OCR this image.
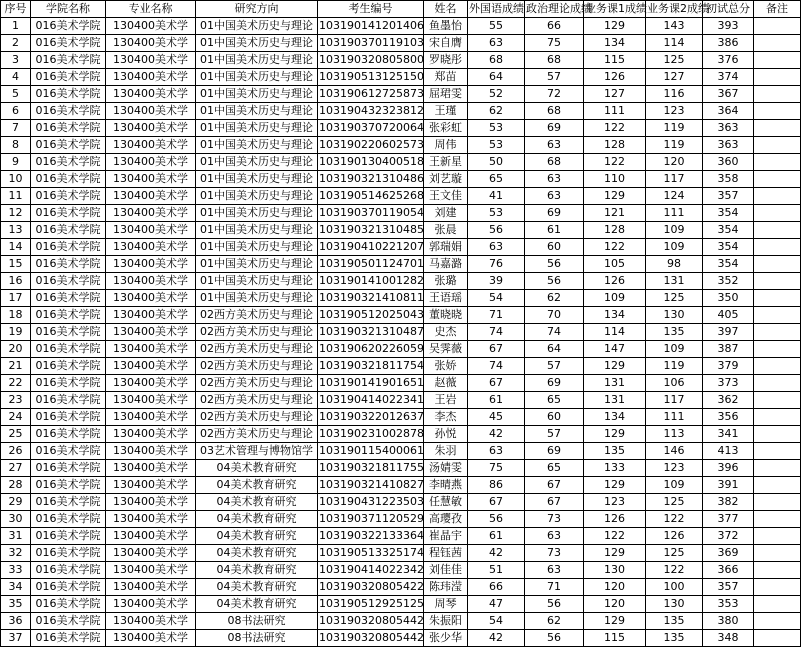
序号	学院名称	专业名称	研究方向	考生编号	姓名	外国语成绩	政治理论成绩	业务课1成绩	业务课2成绩	初试总分	备注
1	016美术学院	130400美术学	01中国美术历史与理论	103190141201406	鱼墨怡	55	66	129	143	393	
2	016美术学院	130400美术学	01中国美术历史与理论	103190370119103	宋自膺	63	75	134	114	386	
3	016美术学院	130400美术学	01中国美术历史与理论	103190320805800	罗晓彤	68	68	115	125	376	
4	016美术学院	130400美术学	01中国美术历史与理论	103190513125150	郑苗	64	57	126	127	374	
5	016美术学院	130400美术学	01中国美术历史与理论	103190612725873	屈珺雯	52	72	127	116	367	
6	016美术学院	130400美术学	01中国美术历史与理论	103190432323812	王瑾	62	68	111	123	364	
7	016美术学院	130400美术学	01中国美术历史与理论	103190370720064	张彩虹	53	69	122	119	363	
8	016美术学院	130400美术学	01中国美术历史与理论	103190220602573	周伟	53	63	128	119	363	
9	016美术学院	130400美术学	01中国美术历史与理论	103190130400518	王新星	50	68	122	120	360	
10	016美术学院	130400美术学	01中国美术历史与理论	103190321310486	刘艺璇	65	63	110	117	358	
11	016美术学院	130400美术学	01中国美术历史与理论	103190514625268	王文佳	41	63	129	124	357	
12	016美术学院	130400美术学	01中国美术历史与理论	103190370119054	刘建	53	69	121	111	354	
13	016美术学院	130400美术学	01中国美术历史与理论	103190321310485	张晨	56	61	128	109	354	
14	016美术学院	130400美术学	01中国美术历史与理论	103190410221207	郭瑞娟	63	60	122	109	354	
15	016美术学院	130400美术学	01中国美术历史与理论	103190501124701	马嘉潞	76	56	105	98	354	
16	016美术学院	130400美术学	01中国美术历史与理论	103190141001282	张璐	39	56	126	131	352	
17	016美术学院	130400美术学	01中国美术历史与理论	103190321410811	王语瑶	54	62	109	125	350	
18	016美术学院	130400美术学	02西方美术历史与理论	103190512025043	董晓晓	71	70	134	130	405	
19	016美术学院	130400美术学	02西方美术历史与理论	103190321310487	史杰	74	74	114	135	397	
20	016美术学院	130400美术学	02西方美术历史与理论	103190620226059	吴霁薇	67	64	147	109	387	
21	016美术学院	130400美术学	02西方美术历史与理论	103190321811754	张娇	74	57	129	119	379	
22	016美术学院	130400美术学	02西方美术历史与理论	103190141901651	赵薇	67	69	131	106	373	
23	016美术学院	130400美术学	02西方美术历史与理论	103190414022341	王岩	61	65	131	117	362	
24	016美术学院	130400美术学	02西方美术历史与理论	103190322012637	李杰	45	60	134	111	356	
25	016美术学院	130400美术学	02西方美术历史与理论	103190231002878	孙悦	42	57	129	113	341	
26	016美术学院	130400美术学	03艺术管理与博物馆学	103190115400061	朱羽	63	69	135	146	413	
27	016美术学院	130400美术学	04美术教育研究	103190321811755	汤婧雯	75	65	133	123	396	
28	016美术学院	130400美术学	04美术教育研究	103190321410827	李晴燕	86	67	129	109	391	
29	016美术学院	130400美术学	04美术教育研究	103190431223503	任慧敏	67	67	123	125	382	
30	016美术学院	130400美术学	04美术教育研究	103190371120529	高璎孜	56	73	126	122	377	
31	016美术学院	130400美术学	04美术教育研究	103190322133364	崔晶宇	61	63	122	126	372	
32	016美术学院	130400美术学	04美术教育研究	103190513325174	程钰茜	42	73	129	125	369	
33	016美术学院	130400美术学	04美术教育研究	103190414022342	刘佳佳	51	63	130	122	366	
34	016美术学院	130400美术学	04美术教育研究	103190320805422	陈玮滢	66	71	120	100	357	
35	016美术学院	130400美术学	04美术教育研究	103190512925125	周琴	47	56	120	130	353	
36	016美术学院	130400美术学	08书法研究	103190320805442	朱振阳	54	62	129	135	380	
37	016美术学院	130400美术学	08书法研究	103190320805442	张少华	42	56	115	135	348	
